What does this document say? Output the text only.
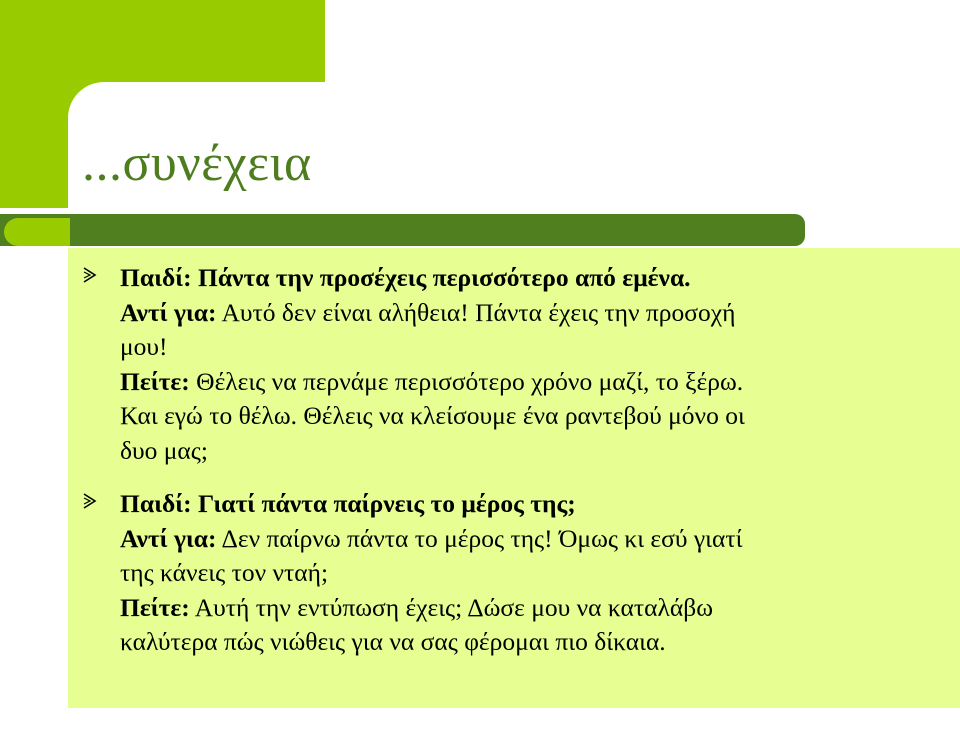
...συνέχεια
Παιδί: Πάντα την προσέχεις περισσότερο από εμένα.
Αντί για: Αυτό δεν είναι αλήθεια! Πάντα έχεις την προσοχή
μου!
Πείτε: Θέλεις να περνάμε περισσότερο χρόνο μαζί, το ξέρω.
Και εγώ το θέλω. Θέλεις να κλείσουμε ένα ραντεβού μόνο οι
δυο μας;
Παιδί: Γιατί πάντα παίρνεις το μέρος της;
Αντί για: Δεν παίρνω πάντα το μέρος της! Όμως κι εσύ γιατί
της κάνεις τον νταή;
Πείτε: Αυτή την εντύπωση έχεις; Δώσε μου να καταλάβω
καλύτερα πώς νιώθεις για να σας φέρομαι πιο δίκαια.
